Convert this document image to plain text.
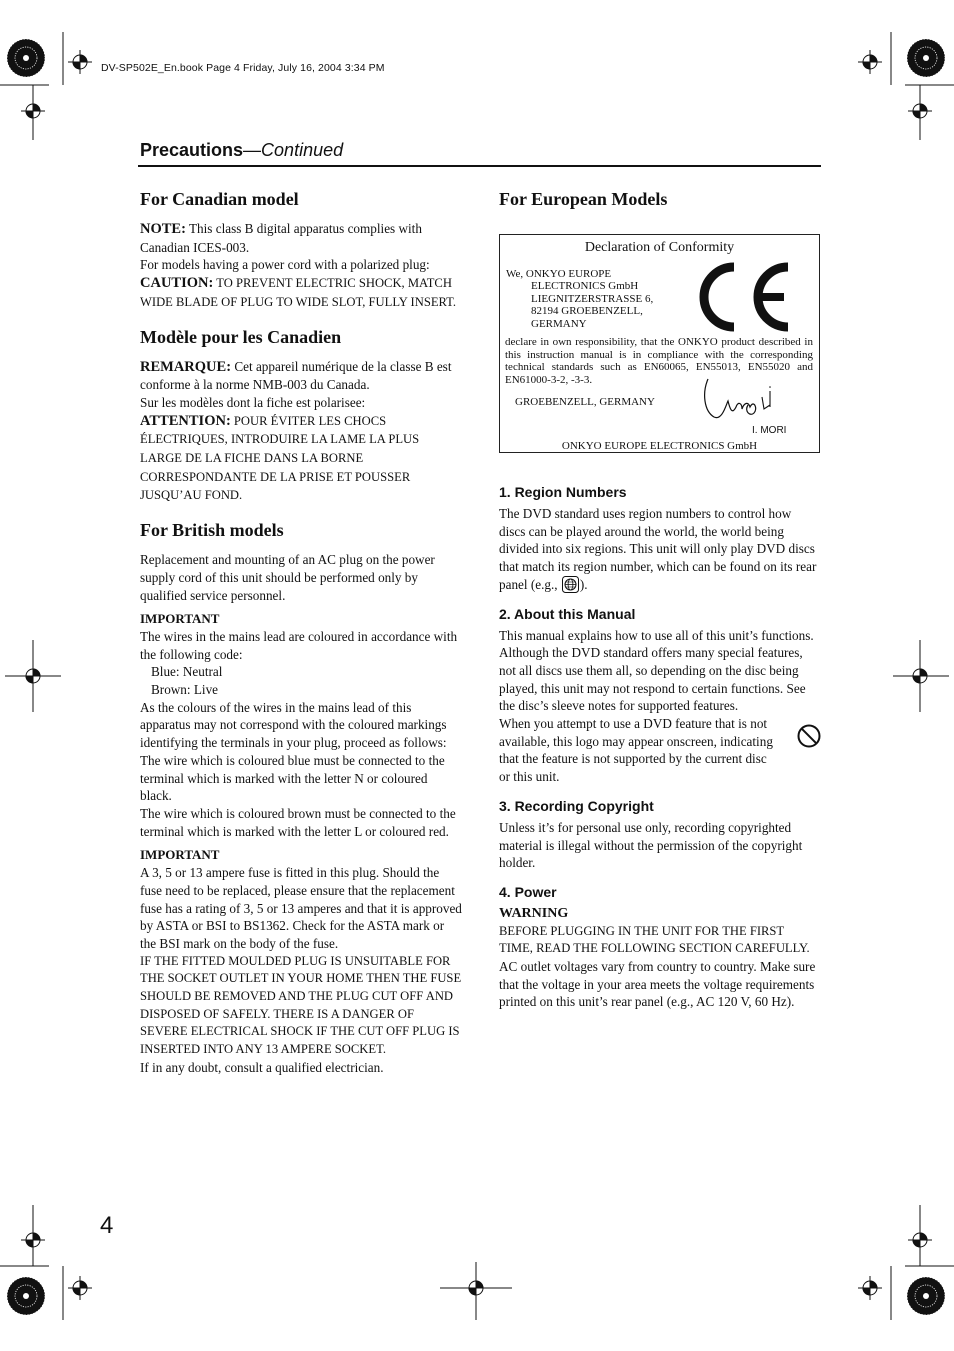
DV-SP502E_En.book Page 4 Friday, July 16, 2004 3:34 PM
Precautions—Continued
For Canadian model

NOTE: This class B digital apparatus complies with Canadian ICES-003.

For models having a power cord with a polarized plug:

CAUTION: TO PREVENT ELECTRIC SHOCK, MATCH WIDE BLADE OF PLUG TO WIDE SLOT, FULLY INSERT.

Modèle pour les Canadien

REMARQUE: Cet appareil numérique de la classe B est conforme à la norme NMB-003 du Canada.

Sur les modèles dont la fiche est polarisee:

ATTENTION: POUR ÉVITER LES CHOCS ÉLECTRIQUES, INTRODUIRE LA LAME LA PLUS LARGE DE LA FICHE DANS LA BORNE CORRESPONDANTE DE LA PRISE ET POUSSER JUSQU’AU FOND.

For British models

Replacement and mounting of an AC plug on the power supply cord of this unit should be performed only by qualified service personnel.

IMPORTANT

The wires in the mains lead are coloured in accordance with the following code:

Blue: Neutral

Brown: Live

As the colours of the wires in the mains lead of this apparatus may not correspond with the coloured markings identifying the terminals in your plug, proceed as follows:

The wire which is coloured blue must be connected to the terminal which is marked with the letter N or coloured black.

The wire which is coloured brown must be connected to the terminal which is marked with the letter L or coloured red.

IMPORTANT

A 3, 5 or 13 ampere fuse is fitted in this plug. Should the fuse need to be replaced, please ensure that the replacement fuse has a rating of 3, 5 or 13 amperes and that it is approved by ASTA or BSI to BS1362. Check for the ASTA mark or the BSI mark on the body of the fuse.

IF THE FITTED MOULDED PLUG IS UNSUITABLE FOR THE SOCKET OUTLET IN YOUR HOME THEN THE FUSE SHOULD BE REMOVED AND THE PLUG CUT OFF AND DISPOSED OF SAFELY. THERE IS A DANGER OF SEVERE ELECTRICAL SHOCK IF THE CUT OFF PLUG IS INSERTED INTO ANY 13 AMPERE SOCKET.

If in any doubt, consult a qualified electrician.

For European Models
Declaration of Conformity
We, ONKYO EUROPE
ELECTRONICS GmbH
LIEGNITZERSTRASSE 6,
82194 GROEBENZELL,
GERMANY
declare in own responsibility, that the ONKYO product described in this instruction manual is in compliance with the corresponding technical standards such as EN60065, EN55013, EN55020 and EN61000-3-2, -3-3.
GROEBENZELL, GERMANY
I. MORI
ONKYO EUROPE ELECTRONICS GmbH
1. Region Numbers

The DVD standard uses region numbers to control how discs can be played around the world, the world being divided into six regions. This unit will only play DVD discs that match its region number, which can be found on its rear panel (e.g., ).

2. About this Manual

This manual explains how to use all of this unit’s functions. Although the DVD standard offers many special features, not all discs use them all, so depending on the disc being played, this unit may not respond to certain functions. See the disc’s sleeve notes for supported features.

When you attempt to use a DVD feature that is not available, this logo may appear onscreen, indicating that the feature is not supported by the current disc or this unit.

3. Recording Copyright

Unless it’s for personal use only, recording copyrighted material is illegal without the permission of the copyright holder.

4. Power
WARNING

BEFORE PLUGGING IN THE UNIT FOR THE FIRST TIME, READ THE FOLLOWING SECTION CAREFULLY.

AC outlet voltages vary from country to country. Make sure that the voltage in your area meets the voltage requirements printed on this unit’s rear panel (e.g., AC 120 V, 60 Hz).

4
